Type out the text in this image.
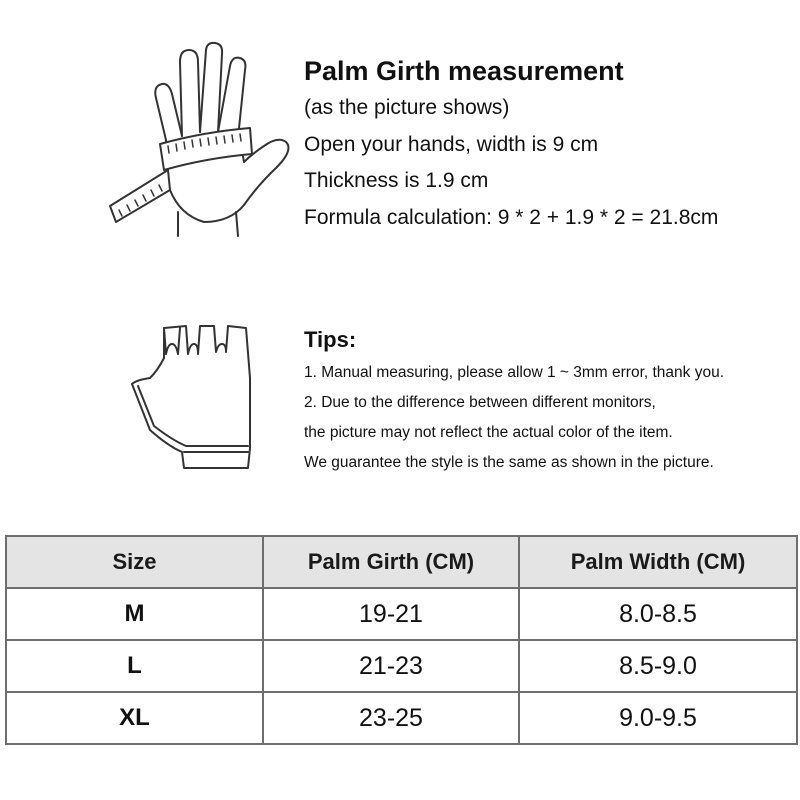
Palm Girth measurement

(as the picture shows)

Open your hands, width is 9 cm

Thickness is 1.9 cm

Formula calculation: 9 * 2 + 1.9 * 2 = 21.8cm

Tips:

1. Manual measuring, please allow 1 ~ 3mm error, thank you.

2. Due to the difference between different monitors,

the picture may not reflect the actual color of the item.

We guarantee the style is the same as shown in the picture.

Size	Palm Girth (CM)	Palm Width (CM)
M	19-21	8.0-8.5
L	21-23	8.5-9.0
XL	23-25	9.0-9.5
